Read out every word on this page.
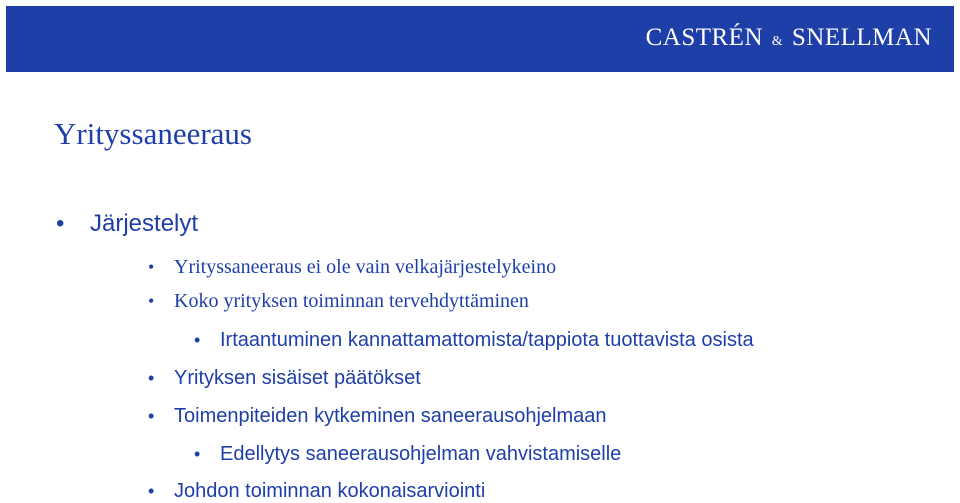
CASTRÉN & SNELLMAN
Yrityssaneeraus
• Järjestelyt
• Yrityssaneeraus ei ole vain velkajärjestelykeino
• Koko yrityksen toiminnan tervehdyttäminen
• Irtaantuminen kannattamattomista/tappiota tuottavista osista
• Yrityksen sisäiset päätökset
• Toimenpiteiden kytkeminen saneerausohjelmaan
• Edellytys saneerausohjelman vahvistamiselle
• Johdon toiminnan kokonaisarviointi
